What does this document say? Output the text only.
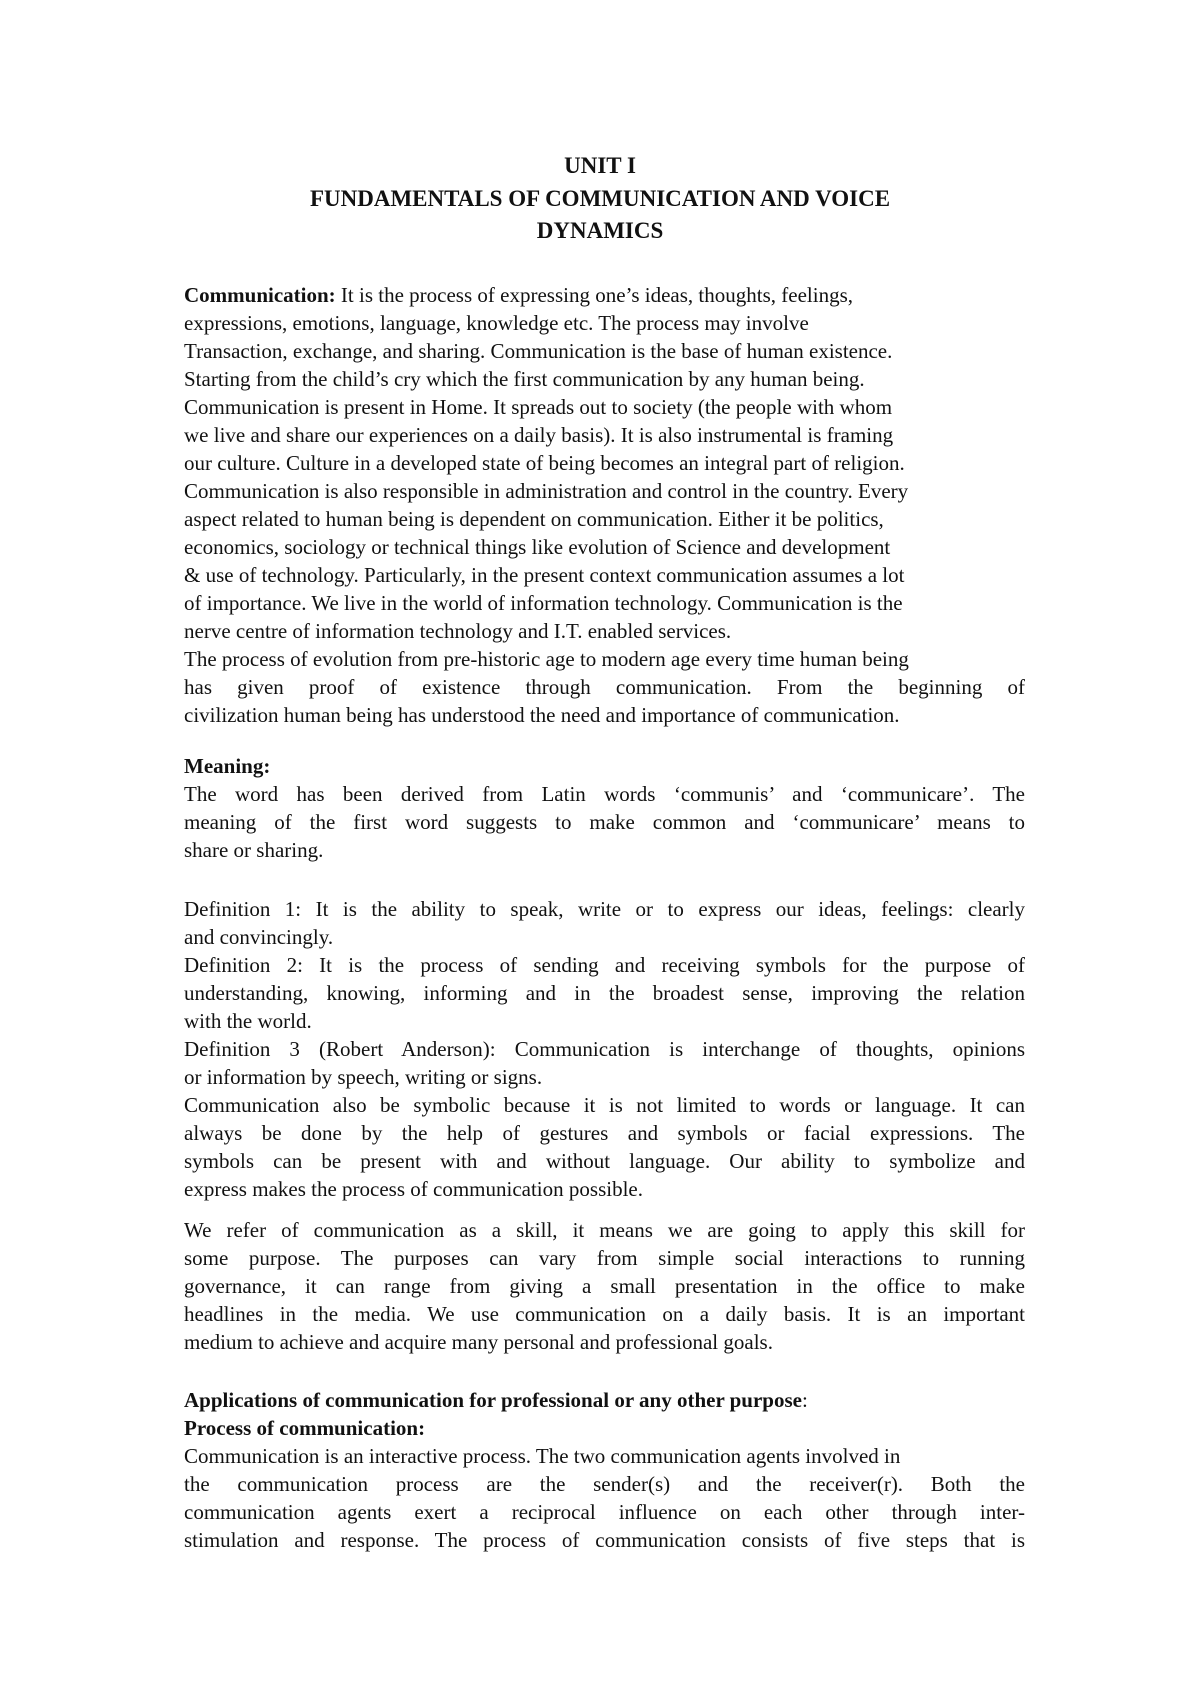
UNIT I
FUNDAMENTALS OF COMMUNICATION AND VOICE
DYNAMICS
Communication: It is the process of expressing one’s ideas, thoughts, feelings,
expressions, emotions, language, knowledge etc. The process may involve
Transaction, exchange, and sharing. Communication is the base of human existence.
Starting from the child’s cry which the first communication by any human being.
Communication is present in Home. It spreads out to society (the people with whom
we live and share our experiences on a daily basis). It is also instrumental is framing
our culture. Culture in a developed state of being becomes an integral part of religion.
Communication is also responsible in administration and control in the country. Every
aspect related to human being is dependent on communication. Either it be politics,
economics, sociology or technical things like evolution of Science and development
& use of technology. Particularly, in the present context communication assumes a lot
of importance. We live in the world of information technology. Communication is the
nerve centre of information technology and I.T. enabled services.
The process of evolution from pre-historic age to modern age every time human being
has given proof of existence through communication. From the beginning of
civilization human being has understood the need and importance of communication.
Meaning:
The word has been derived from Latin words ‘communis’ and ‘communicare’. The
meaning of the first word suggests to make common and ‘communicare’ means to
share or sharing.
Definition 1: It is the ability to speak, write or to express our ideas, feelings: clearly
and convincingly.
Definition 2: It is the process of sending and receiving symbols for the purpose of
understanding, knowing, informing and in the broadest sense, improving the relation
with the world.
Definition 3 (Robert Anderson): Communication is interchange of thoughts, opinions
or information by speech, writing or signs.
Communication also be symbolic because it is not limited to words or language. It can
always be done by the help of gestures and symbols or facial expressions. The
symbols can be present with and without language. Our ability to symbolize and
express makes the process of communication possible.
We refer of communication as a skill, it means we are going to apply this skill for
some purpose. The purposes can vary from simple social interactions to running
governance, it can range from giving a small presentation in the office to make
headlines in the media. We use communication on a daily basis. It is an important
medium to achieve and acquire many personal and professional goals.
Applications of communication for professional or any other purpose:
Process of communication:
Communication is an interactive process. The two communication agents involved in
the communication process are the sender(s) and the receiver(r). Both the
communication agents exert a reciprocal influence on each other through inter-
stimulation and response. The process of communication consists of five steps that is
